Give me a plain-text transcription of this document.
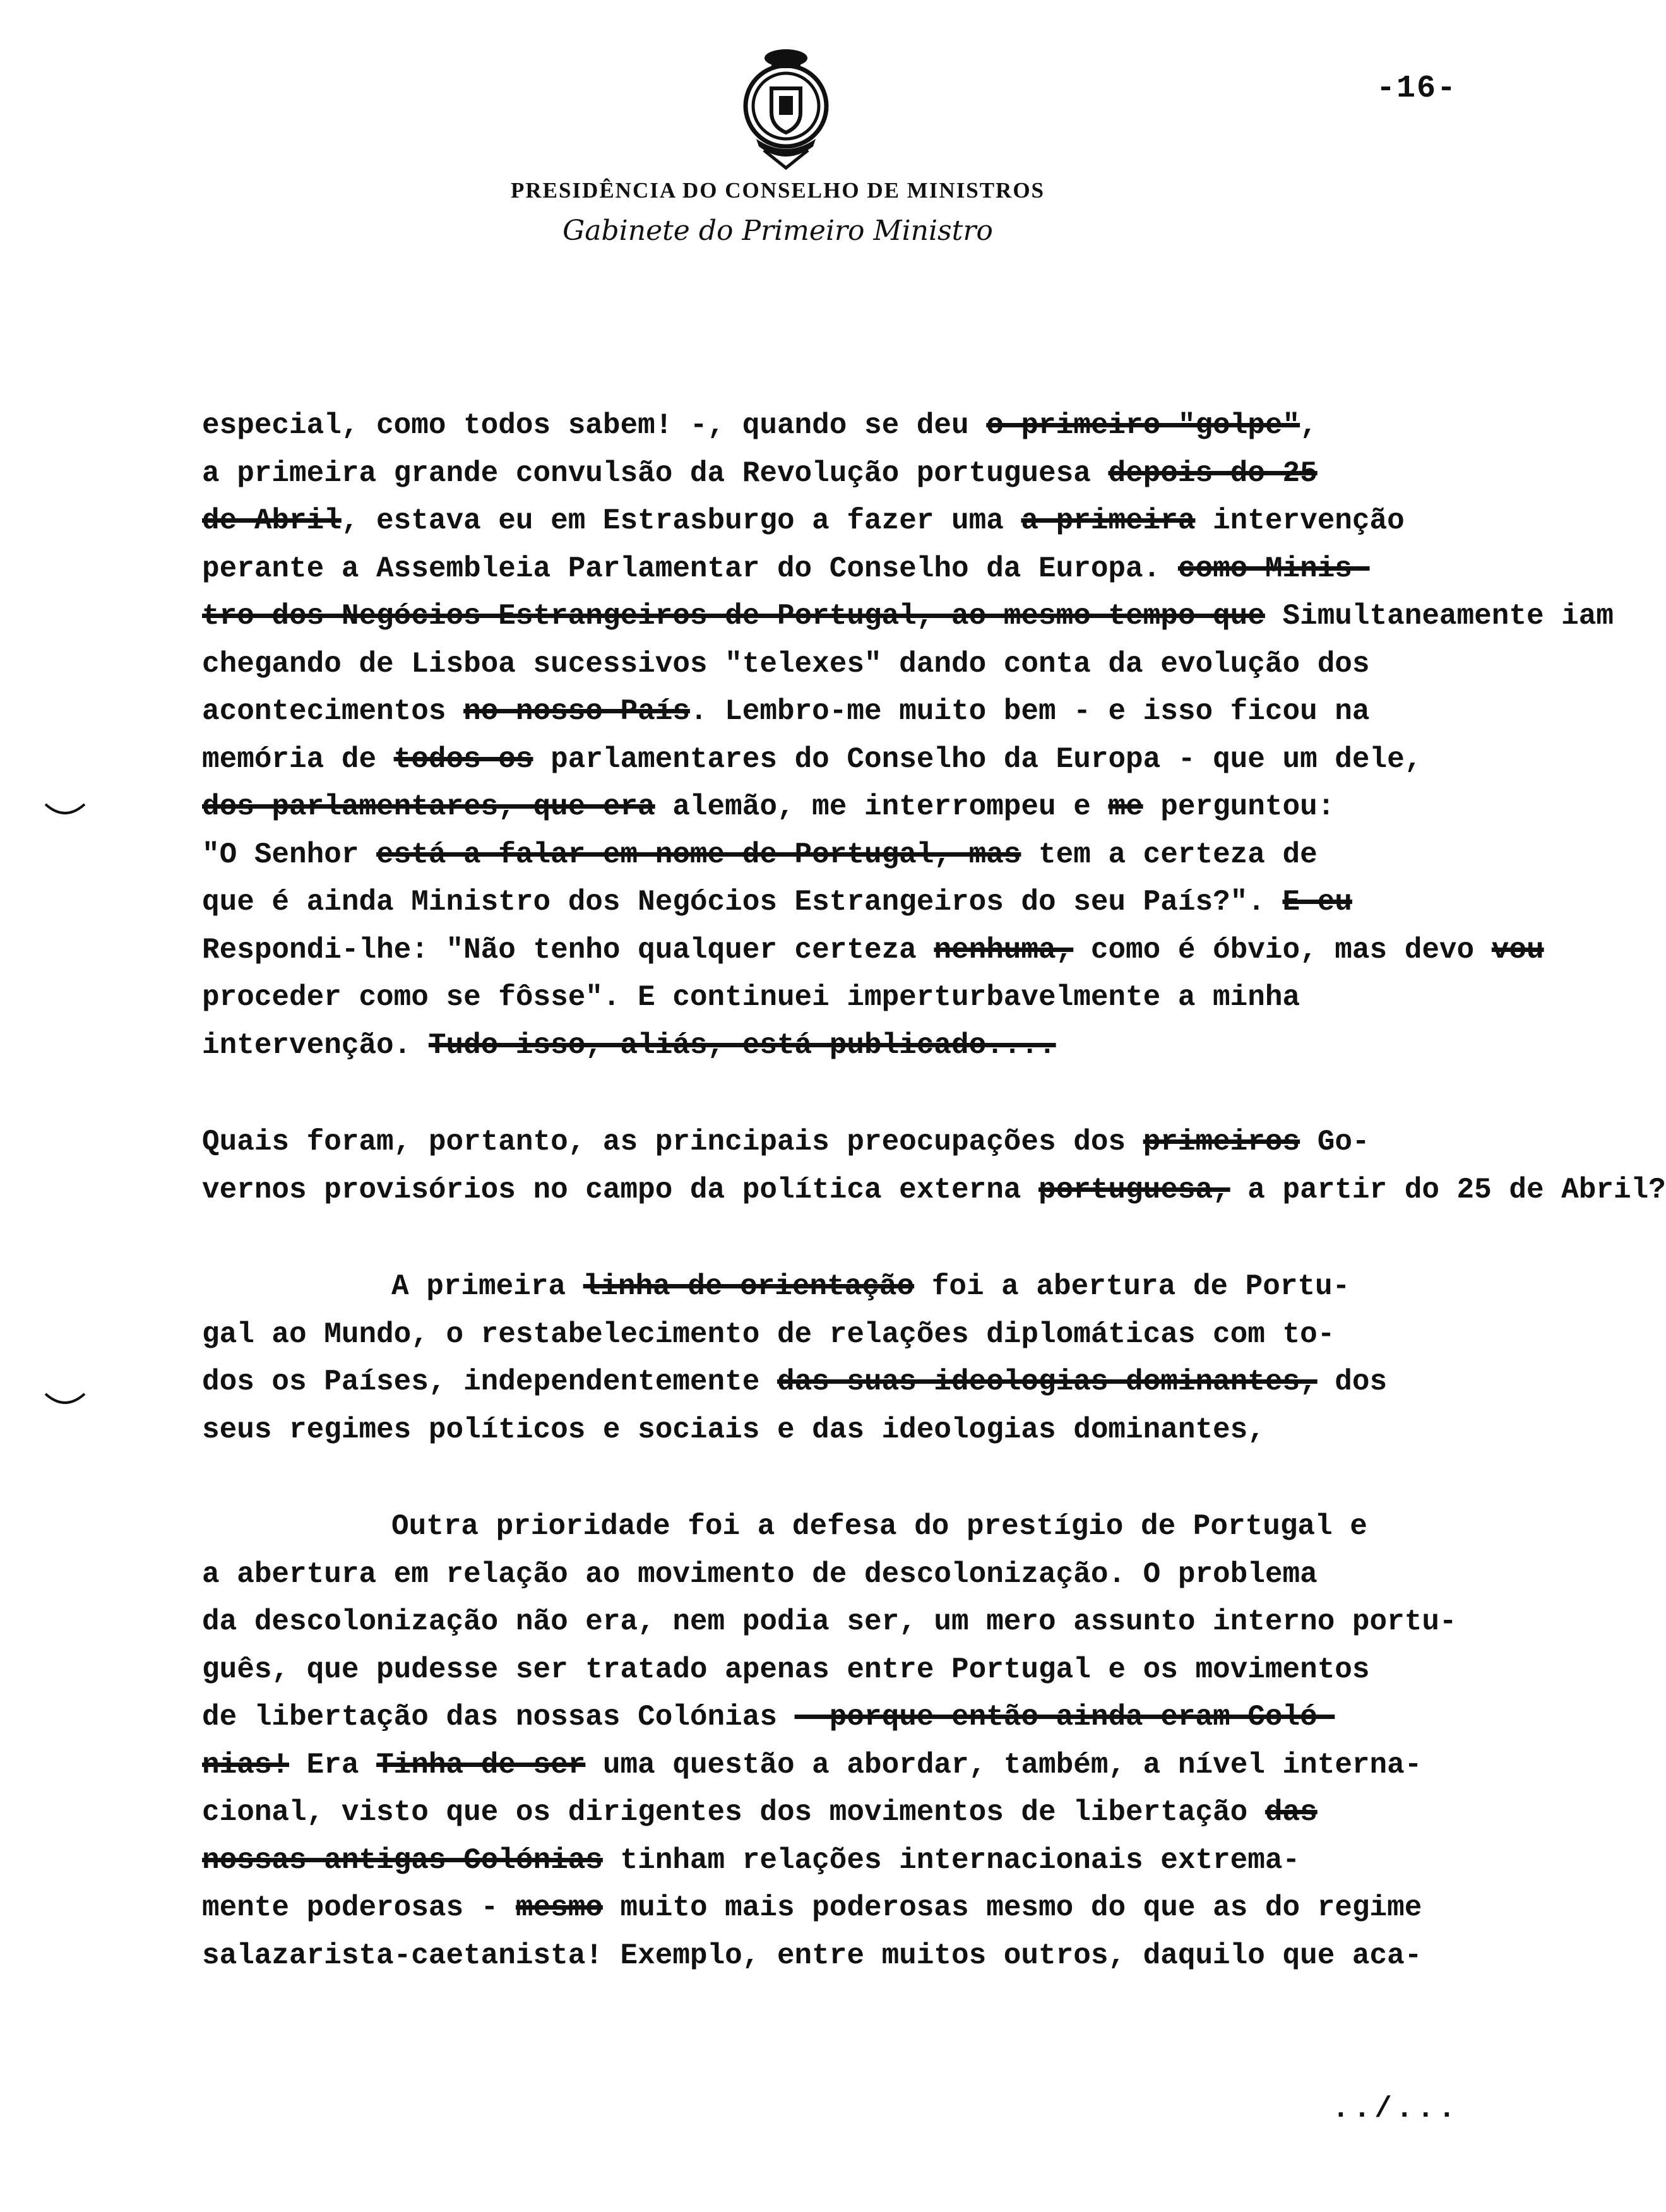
-16-
PRESIDÊNCIA DO CONSELHO DE MINISTROS
Gabinete do Primeiro Ministro
especial, como todos sabem! -, quando se deu o primeiro "golpe",
a primeira grande convulsão da Revolução portuguesa depois do 25
de Abril, estava eu em Estrasburgo a fazer uma a primeira intervenção
perante a Assembleia Parlamentar do Conselho da Europa. como Minis-
tro dos Negócios Estrangeiros de Portugal, ao mesmo tempo que Simultaneamente iam
chegando de Lisboa sucessivos "telexes" dando conta da evolução dos
acontecimentos no nosso País. Lembro-me muito bem - e isso ficou na
memória de todos os parlamentares do Conselho da Europa - que um dele,
dos parlamentares, que era alemão, me interrompeu e me perguntou:
"O Senhor está a falar em nome de Portugal, mas tem a certeza de
que é ainda Ministro dos Negócios Estrangeiros do seu País?". E eu
Respondi-lhe: "Não tenho qualquer certeza nenhuma, como é óbvio, mas devo vou
proceder como se fôsse". E continuei imperturbavelmente a minha
intervenção. Tudo isso, aliás, está publicado....
Quais foram, portanto, as principais preocupações dos primeiros Go-
vernos provisórios no campo da política externa portuguesa, a partir do 25 de Abril?
A primeira linha de orientação foi a abertura de Portu-
gal ao Mundo, o restabelecimento de relações diplomáticas com to-
dos os Países, independentemente das suas ideologias dominantes, dos
seus regimes políticos e sociais e das ideologias dominantes,
Outra prioridade foi a defesa do prestígio de Portugal e
a abertura em relação ao movimento de descolonização. O problema
da descolonização não era, nem podia ser, um mero assunto interno portu-
guês, que pudesse ser tratado apenas entre Portugal e os movimentos
de libertação das nossas Colónias - porque então ainda eram Coló-
nias! Era Tinha de ser uma questão a abordar, também, a nível interna-
cional, visto que os dirigentes dos movimentos de libertação das
nossas antigas Colónias tinham relações internacionais extrema-
mente poderosas - mesmo muito mais poderosas mesmo do que as do regime
salazarista-caetanista! Exemplo, entre muitos outros, daquilo que aca-
../...
